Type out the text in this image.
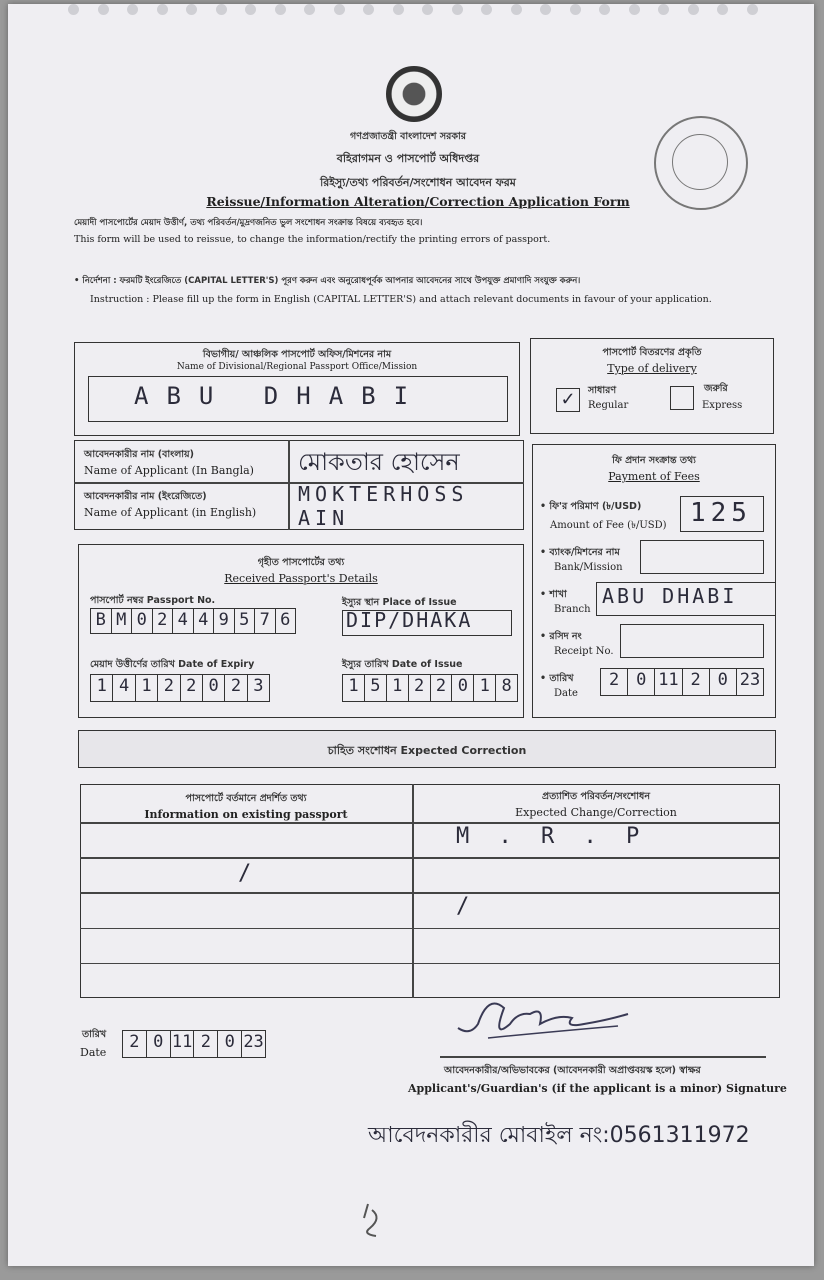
গণপ্রজাতন্ত্রী বাংলাদেশ সরকার
বহিরাগমন ও পাসপোর্ট অধিদপ্তর
রিইস্যু/তথ্য পরিবর্তন/সংশোধন আবেদন ফরম
Reissue/Information Alteration/Correction Application Form
মেয়াদী পাসপোর্টের মেয়াদ উত্তীর্ণ, তথ্য পরিবর্তন/মুদ্রণজনিত ভুল সংশোধন সংক্রান্ত বিষয়ে ব্যবহৃত হবে।
This form will be used to reissue, to change the information/rectify the printing errors of passport.
• নির্দেশনা : ফরমটি ইংরেজিতে (CAPITAL LETTER'S) পূরণ করুন এবং অনুরোধপূর্বক আপনার আবেদনের সাথে উপযুক্ত প্রমাণাদি সংযুক্ত করুন।
Instruction : Please fill up the form in English (CAPITAL LETTER'S) and attach relevant documents in favour of your application.
বিভাগীয়/ আঞ্চলিক পাসপোর্ট অফিস/মিশনের নাম
Name of Divisional/Regional Passport Office/Mission
ABU DHABI
পাসপোর্ট বিতরণের প্রকৃতি
Type of delivery
✓	সাধারণ
Regular
জরুরি
Express
আবেদনকারীর নাম (বাংলায়)
Name of Applicant (In Bangla) মোকতার হোসেন
আবেদনকারীর নাম (ইংরেজিতে)
Name of Applicant (in English)
MOKTERHOSS
AIN
ফি প্রদান সংক্রান্ত তথ্য
Payment of Fees
• ফি'র পরিমাণ (৳/USD)
Amount of Fee (৳/USD) 125
• ব্যাংক/মিশনের নাম
Bank/Mission
• শাখা
Branch
ABU DHABI
• রসিদ নং
Receipt No.
• তারিখ
Date
2 0 11 2 0 23
গৃহীত পাসপোর্টের তথ্য
Received Passport's Details
পাসপোর্ট নম্বর Passport No.
B M 0 2 4 4 9 5 7 6
ইস্যুর স্থান Place of Issue
DIP/DHAKA
মেয়াদ উত্তীর্ণের তারিখ Date of Expiry
1 4 1 2 2 0 2 3
ইস্যুর তারিখ Date of Issue
1 5 1 2 2 0 1 8
চাহিত সংশোধন Expected Correction
পাসপোর্টে বর্তমানে প্রদর্শিত তথ্য
Information on existing passport
প্রত্যাশিত পরিবর্তন/সংশোধন
Expected Change/Correction
M . R . P
/
/
তারিখ
Date
2 0 11 2 0 23
আবেদনকারীর/অভিভাবকের (আবেদনকারী অপ্রাপ্তবয়স্ক হলে) স্বাক্ষর
Applicant's/Guardian's (if the applicant is a minor) Signature
আবেদনকারীর মোবাইল নং:0561311972
